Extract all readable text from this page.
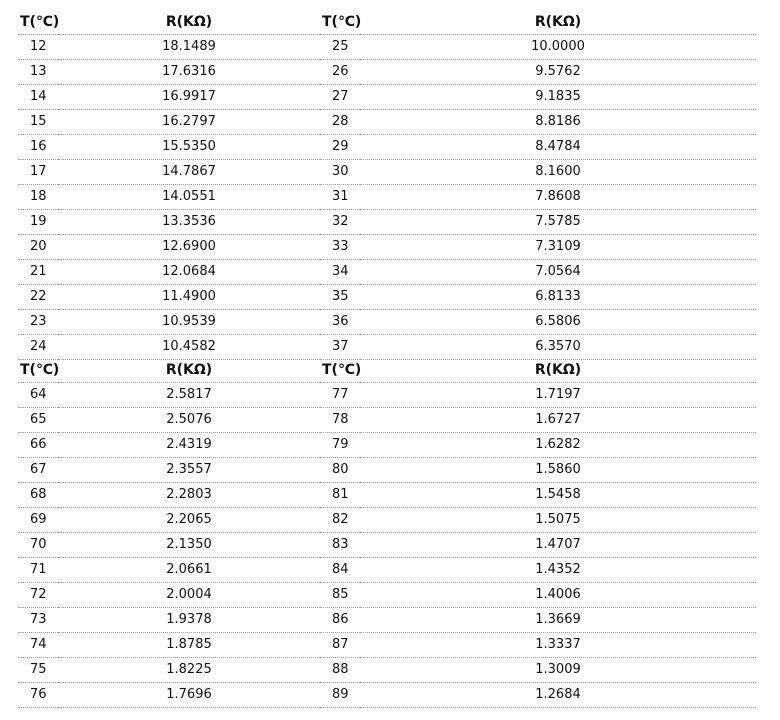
T(℃)	R(KΩ)
12	18.1489
13	17.6316
14	16.9917
15	16.2797
16	15.5350
17	14.7867
18	14.0551
19	13.3536
20	12.6900
21	12.0684
22	11.4900
23	10.9539
24	10.4582
T(℃)	R(KΩ)
25	10.0000
26	9.5762
27	9.1835
28	8.8186
29	8.4784
30	8.1600
31	7.8608
32	7.5785
33	7.3109
34	7.0564
35	6.8133
36	6.5806
37	6.3570
T(℃)	R(KΩ)
64	2.5817
65	2.5076
66	2.4319
67	2.3557
68	2.2803
69	2.2065
70	2.1350
71	2.0661
72	2.0004
73	1.9378
74	1.8785
75	1.8225
76	1.7696
T(℃)	R(KΩ)
77	1.7197
78	1.6727
79	1.6282
80	1.5860
81	1.5458
82	1.5075
83	1.4707
84	1.4352
85	1.4006
86	1.3669
87	1.3337
88	1.3009
89	1.2684
